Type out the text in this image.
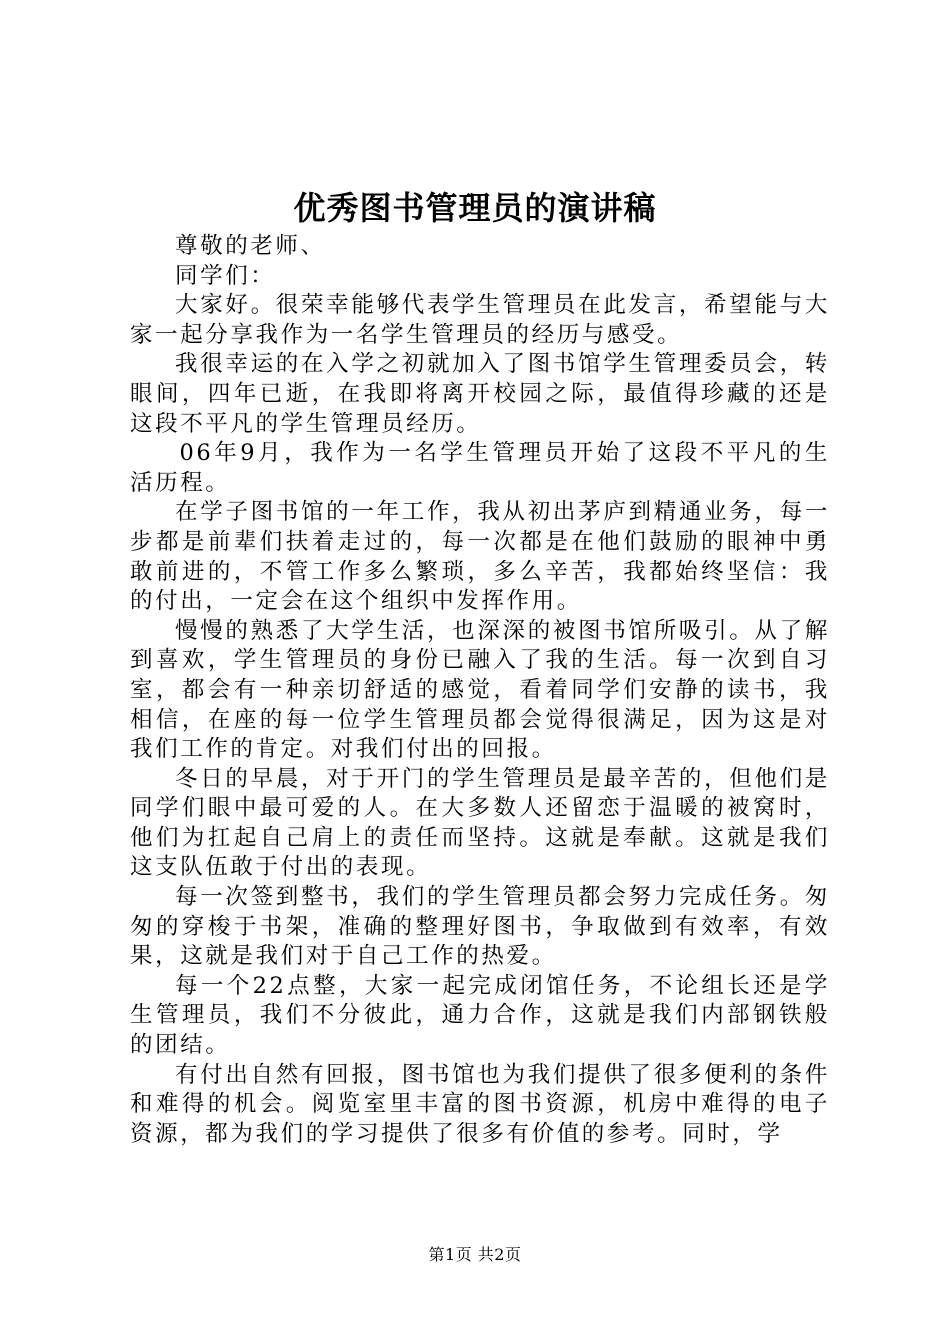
优秀图书管理员的演讲稿

尊敬的老师、

同学们：

大家好。很荣幸能够代表学生管理员在此发言，希望能与大家一起分享我作为一名学生管理员的经历与感受。

我很幸运的在入学之初就加入了图书馆学生管理委员会，转眼间，四年已逝，在我即将离开校园之际，最值得珍藏的还是这段不平凡的学生管理员经历。

06年9月，我作为一名学生管理员开始了这段不平凡的生活历程。

在学子图书馆的一年工作，我从初出茅庐到精通业务，每一步都是前辈们扶着走过的，每一次都是在他们鼓励的眼神中勇敢前进的，不管工作多么繁琐，多么辛苦，我都始终坚信：我的付出，一定会在这个组织中发挥作用。

慢慢的熟悉了大学生活，也深深的被图书馆所吸引。从了解到喜欢，学生管理员的身份已融入了我的生活。每一次到自习室，都会有一种亲切舒适的感觉，看着同学们安静的读书，我相信，在座的每一位学生管理员都会觉得很满足，因为这是对我们工作的肯定。对我们付出的回报。

冬日的早晨，对于开门的学生管理员是最辛苦的，但他们是同学们眼中最可爱的人。在大多数人还留恋于温暖的被窝时，他们为扛起自己肩上的责任而坚持。这就是奉献。这就是我们这支队伍敢于付出的表现。

每一次签到整书，我们的学生管理员都会努力完成任务。匆匆的穿梭于书架，准确的整理好图书，争取做到有效率，有效果，这就是我们对于自己工作的热爱。

每一个22点整，大家一起完成闭馆任务，不论组长还是学生管理员，我们不分彼此，通力合作，这就是我们内部钢铁般的团结。

有付出自然有回报，图书馆也为我们提供了很多便利的条件和难得的机会。阅览室里丰富的图书资源，机房中难得的电子资源，都为我们的学习提供了很多有价值的参考。同时，学

第1页 共2页
